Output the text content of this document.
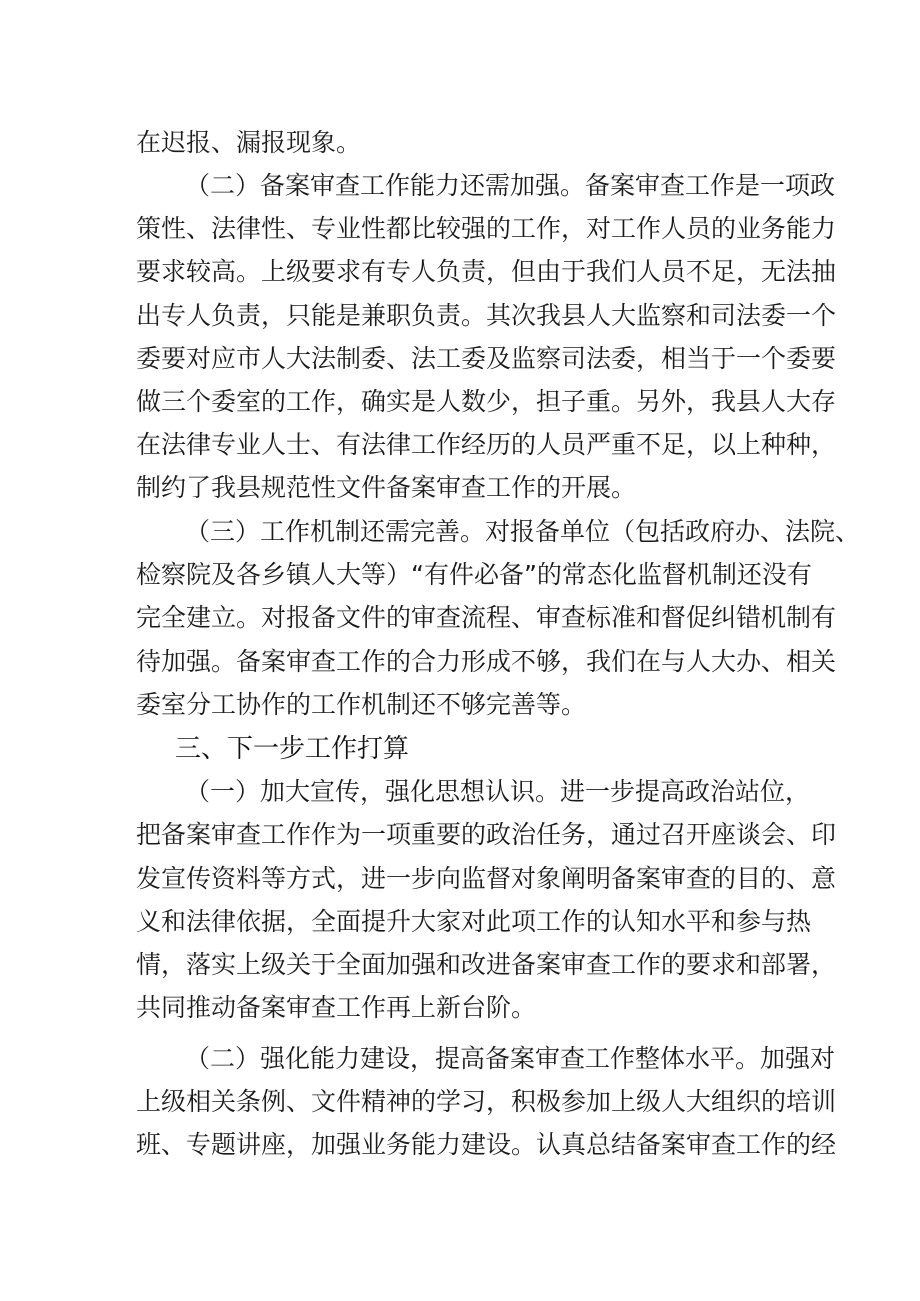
在迟报、漏报现象。
（二）备案审查工作能力还需加强。备案审查工作是一项政
策性、法律性、专业性都比较强的工作，对工作人员的业务能力
要求较高。上级要求有专人负责，但由于我们人员不足，无法抽
出专人负责，只能是兼职负责。其次我县人大监察和司法委一个
委要对应市人大法制委、法工委及监察司法委，相当于一个委要
做三个委室的工作，确实是人数少，担子重。另外，我县人大存
在法律专业人士、有法律工作经历的人员严重不足，以上种种，
制约了我县规范性文件备案审查工作的开展。
（三）工作机制还需完善。对报备单位（包括政府办、法院、
检察院及各乡镇人大等）“有件必备”的常态化监督机制还没有
完全建立。对报备文件的审查流程、审查标准和督促纠错机制有
待加强。备案审查工作的合力形成不够，我们在与人大办、相关
委室分工协作的工作机制还不够完善等。
三、下一步工作打算
（一）加大宣传，强化思想认识。进一步提高政治站位，
把备案审查工作作为一项重要的政治任务，通过召开座谈会、印
发宣传资料等方式，进一步向监督对象阐明备案审查的目的、意
义和法律依据，全面提升大家对此项工作的认知水平和参与热
情，落实上级关于全面加强和改进备案审查工作的要求和部署，
共同推动备案审查工作再上新台阶。
（二）强化能力建设，提高备案审查工作整体水平。加强对
上级相关条例、文件精神的学习，积极参加上级人大组织的培训
班、专题讲座，加强业务能力建设。认真总结备案审查工作的经
